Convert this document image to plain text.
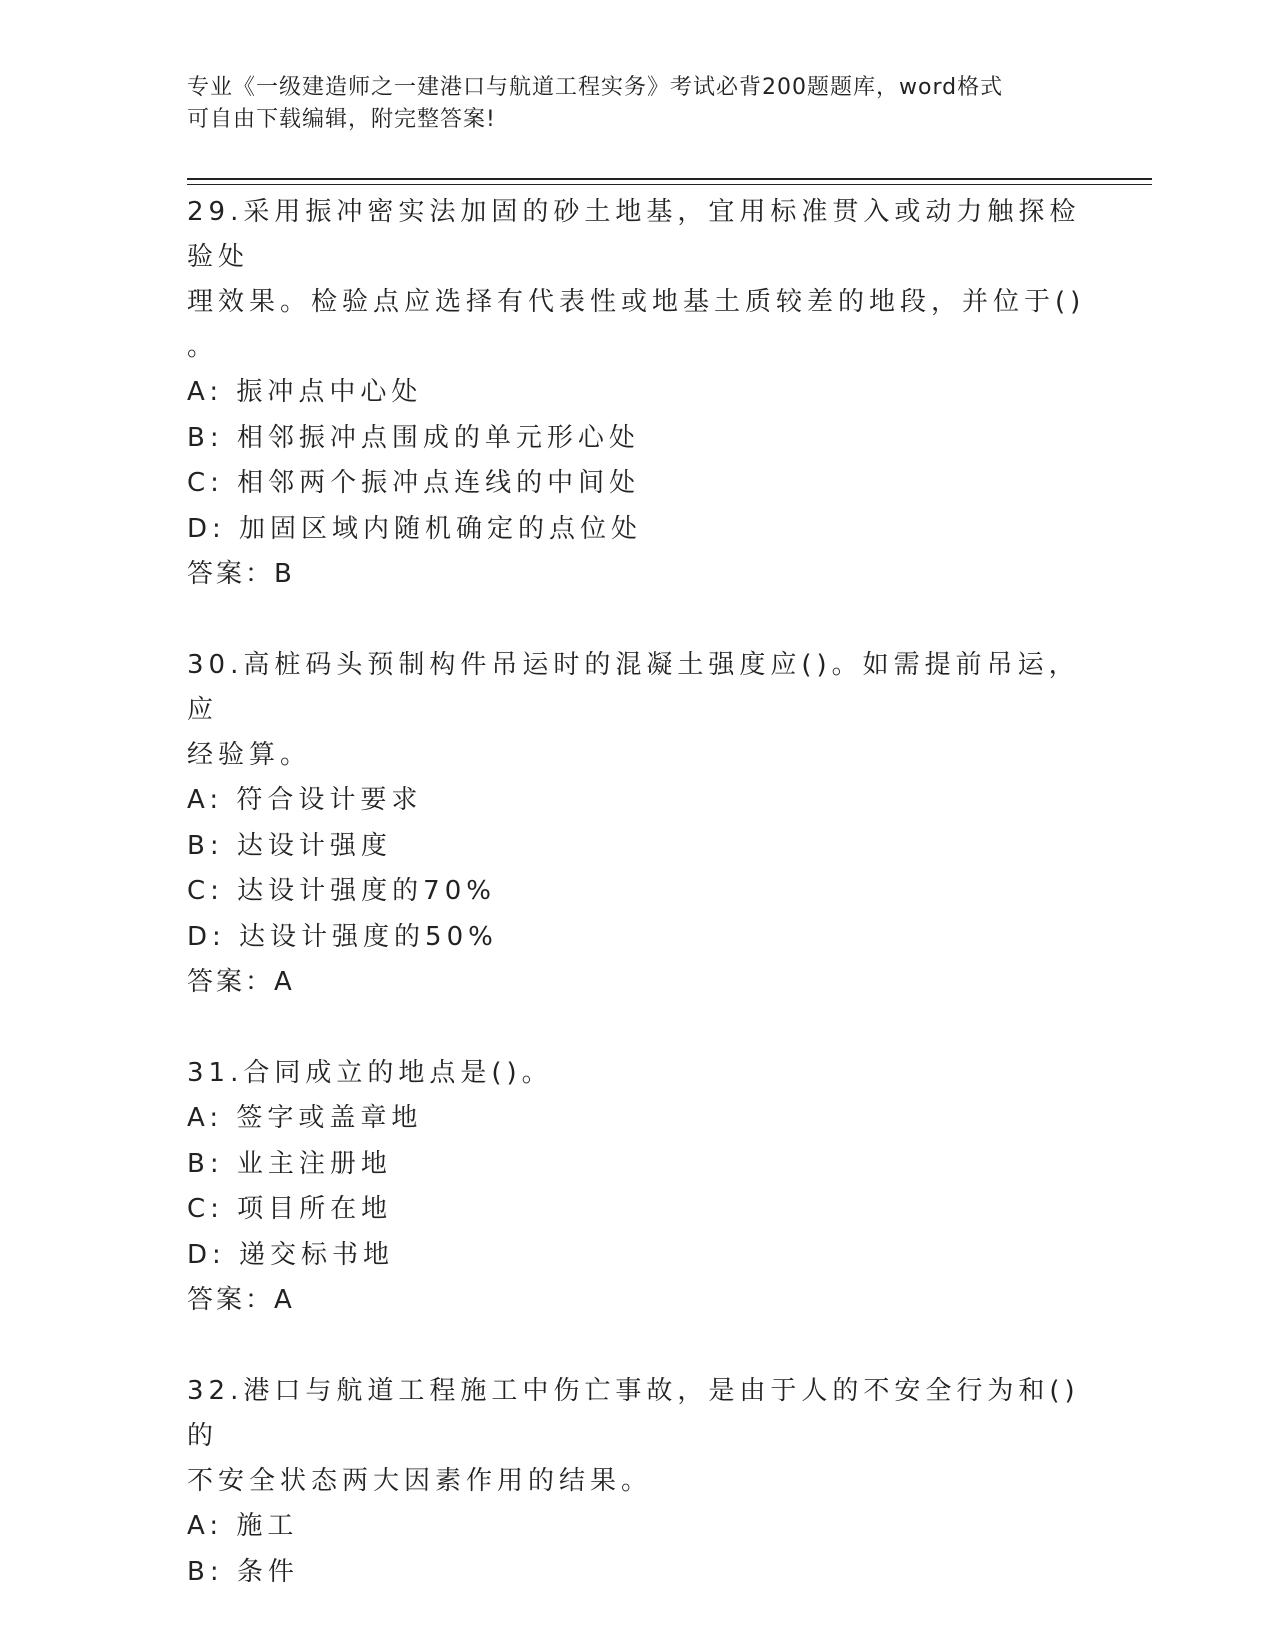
专业《一级建造师之一建港口与航道工程实务》考试必背200题题库，word格式
可自由下载编辑，附完整答案!
29.采用振冲密实法加固的砂土地基，宜用标准贯入或动力触探检验处
理效果。检验点应选择有代表性或地基土质较差的地段，并位于()
。
A: 振冲点中心处
B: 相邻振冲点围成的单元形心处
C: 相邻两个振冲点连线的中间处
D: 加固区域内随机确定的点位处
答案：B
30.高桩码头预制构件吊运时的混凝土强度应()。如需提前吊运，应
经验算。
A: 符合设计要求
B: 达设计强度
C: 达设计强度的70%
D: 达设计强度的50%
答案：A
31.合同成立的地点是()。
A: 签字或盖章地
B: 业主注册地
C: 项目所在地
D: 递交标书地
答案：A
32.港口与航道工程施工中伤亡事故，是由于人的不安全行为和()的
不安全状态两大因素作用的结果。
A: 施工
B: 条件
